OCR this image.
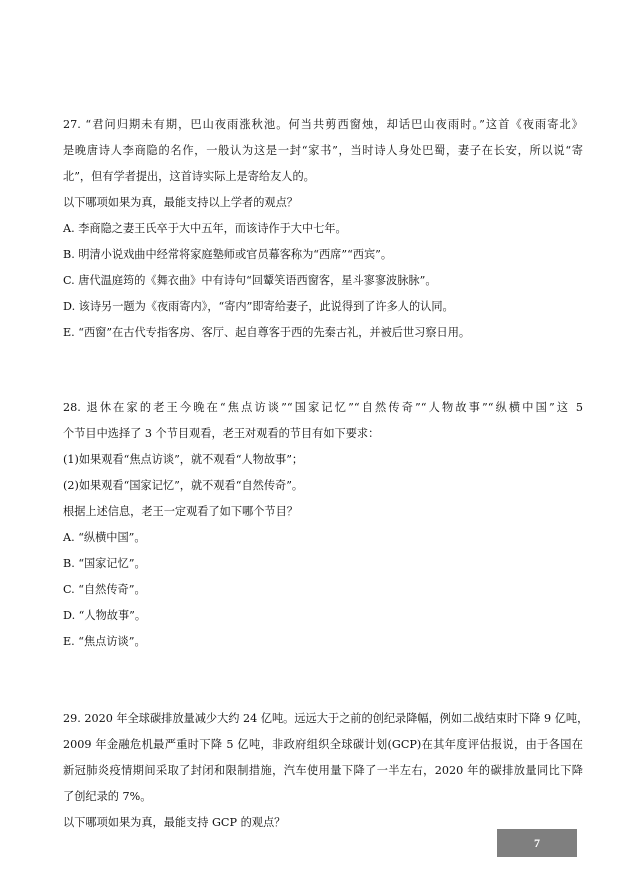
27. “君问归期未有期，巴山夜雨涨秋池。何当共剪西窗烛，却话巴山夜雨时。”这首《夜雨寄北》
是晚唐诗人李商隐的名作，一般认为这是一封“家书”，当时诗人身处巴蜀，妻子在长安，所以说“寄
北”，但有学者提出，这首诗实际上是寄给友人的。
以下哪项如果为真，最能支持以上学者的观点？
A. 李商隐之妻王氏卒于大中五年，而该诗作于大中七年。
B. 明清小说戏曲中经常将家庭塾师或官员幕客称为“西席”“西宾”。
C. 唐代温庭筠的《舞衣曲》中有诗句“回颦笑语西窗客，星斗寥寥波脉脉”。
D. 该诗另一题为《夜雨寄内》，“寄内”即寄给妻子，此说得到了许多人的认同。
E. “西窗”在古代专指客房、客厅、起自尊客于西的先秦古礼，并被后世习察日用。
28. 退休在家的老王今晚在“焦点访谈”“国家记忆”“自然传奇”“人物故事”“纵横中国”这 5
个节目中选择了 3 个节目观看，老王对观看的节目有如下要求：
(1)如果观看“焦点访谈”，就不观看“人物故事”；
(2)如果观看“国家记忆”，就不观看“自然传奇”。
根据上述信息，老王一定观看了如下哪个节目？
A. “纵横中国”。
B. “国家记忆”。
C. “自然传奇”。
D. “人物故事”。
E. “焦点访谈”。
29. 2020 年全球碳排放量减少大约 24 亿吨。远远大于之前的创纪录降幅，例如二战结束时下降 9 亿吨，
2009 年金融危机最严重时下降 5 亿吨，非政府组织全球碳计划(GCP)在其年度评估报说，由于各国在
新冠肺炎疫情期间采取了封闭和限制措施，汽车使用量下降了一半左右，2020 年的碳排放量同比下降
了创纪录的 7%。
以下哪项如果为真，最能支持 GCP 的观点？
7
